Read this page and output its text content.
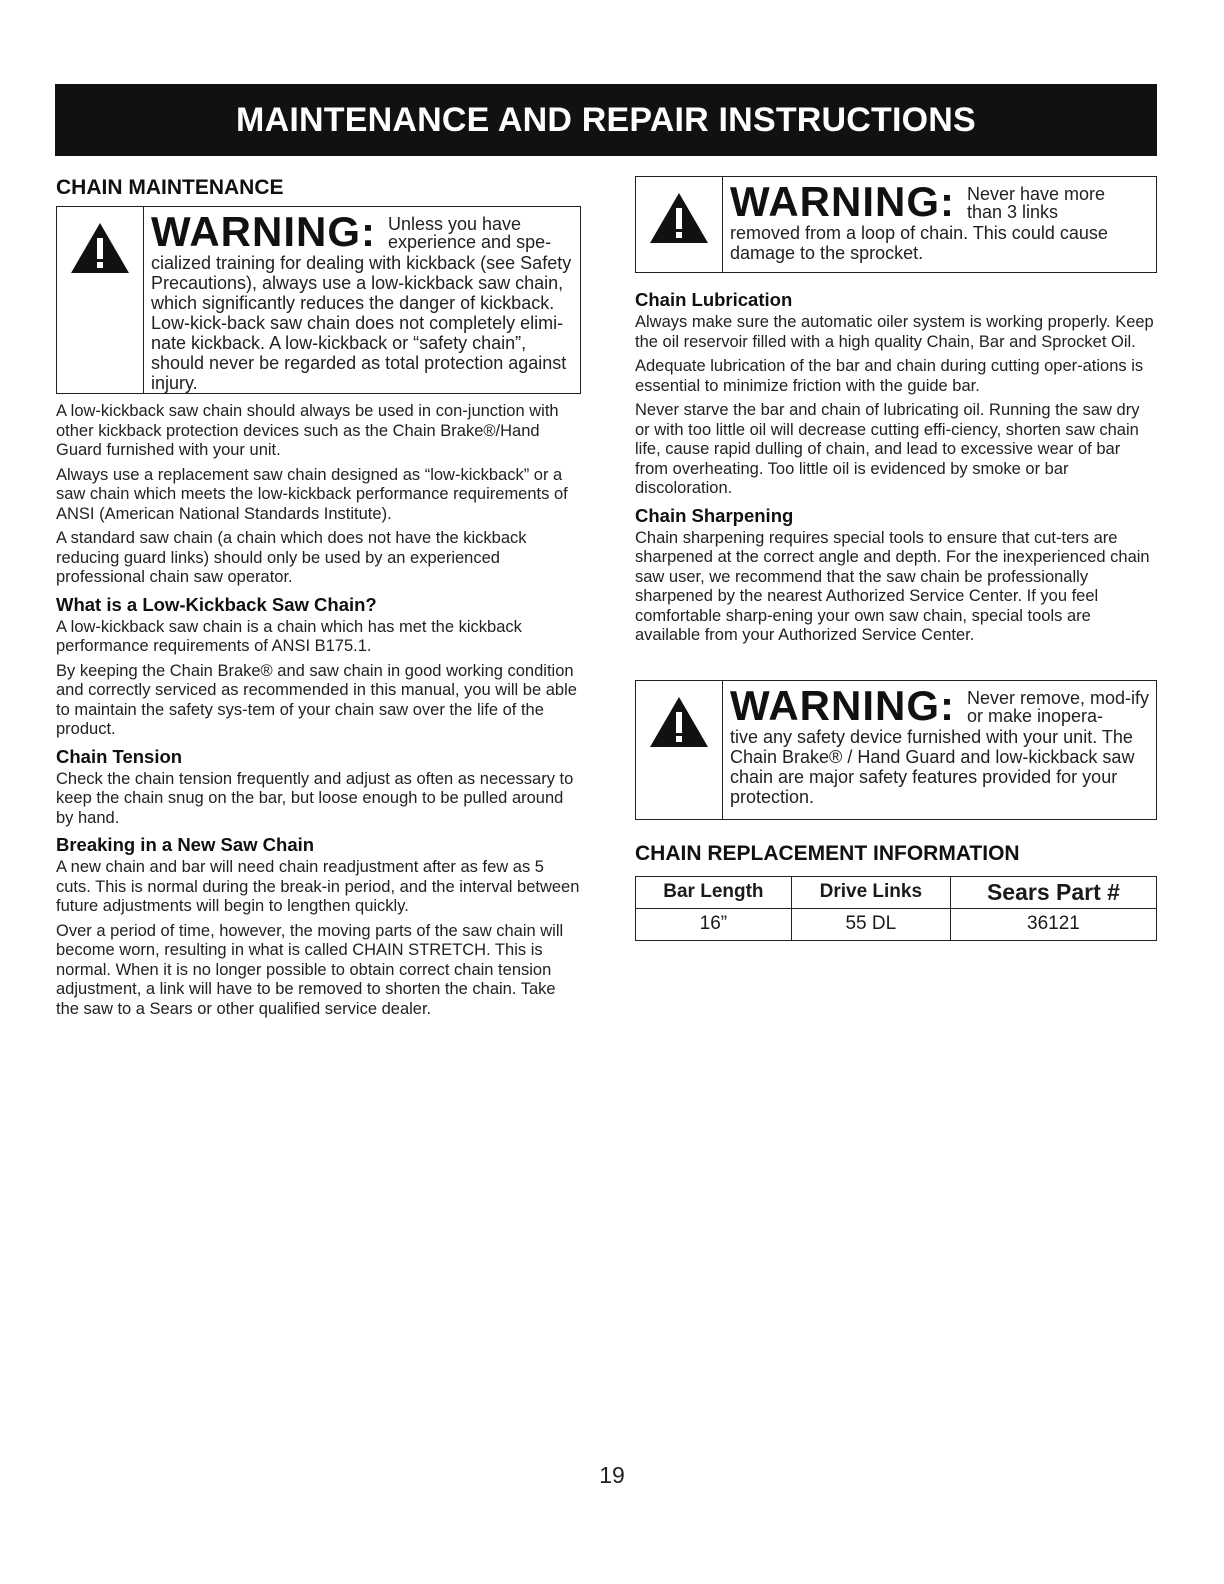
MAINTENANCE AND REPAIR INSTRUCTIONS
CHAIN MAINTENANCE
WARNING: Unless you have experience and spe-
cialized training for dealing with kickback (see Safety Precautions), always use a low-kickback saw chain, which significantly reduces the danger of kickback. Low-kick-back saw chain does not completely elimi-nate kickback. A low-kickback or “safety chain”, should never be regarded as total protection against injury.

A low-kickback saw chain should always be used in con-junction with other kickback protection devices such as the Chain Brake®/Hand Guard furnished with your unit.

Always use a replacement saw chain designed as “low-kickback” or a saw chain which meets the low-kickback performance requirements of ANSI (American National Standards Institute).

A standard saw chain (a chain which does not have the kickback reducing guard links) should only be used by an experienced professional chain saw operator.

What is a Low-Kickback Saw Chain?

A low-kickback saw chain is a chain which has met the kickback performance requirements of ANSI B175.1.

By keeping the Chain Brake® and saw chain in good working condition and correctly serviced as recommended in this manual, you will be able to maintain the safety sys-tem of your chain saw over the life of the product.

Chain Tension

Check the chain tension frequently and adjust as often as necessary to keep the chain snug on the bar, but loose enough to be pulled around by hand.

Breaking in a New Saw Chain

A new chain and bar will need chain readjustment after as few as 5 cuts. This is normal during the break-in period, and the interval between future adjustments will begin to lengthen quickly.

Over a period of time, however, the moving parts of the saw chain will become worn, resulting in what is called CHAIN STRETCH. This is normal. When it is no longer possible to obtain correct chain tension adjustment, a link will have to be removed to shorten the chain. Take the saw to a Sears or other qualified service dealer.

WARNING: Never have more than 3 links
removed from a loop of chain. This could cause damage to the sprocket.
Chain Lubrication

Always make sure the automatic oiler system is working properly. Keep the oil reservoir filled with a high quality Chain, Bar and Sprocket Oil.

Adequate lubrication of the bar and chain during cutting oper-ations is essential to minimize friction with the guide bar.

Never starve the bar and chain of lubricating oil. Running the saw dry or with too little oil will decrease cutting effi-ciency, shorten saw chain life, cause rapid dulling of chain, and lead to excessive wear of bar from overheating. Too little oil is evidenced by smoke or bar discoloration.

Chain Sharpening

Chain sharpening requires special tools to ensure that cut-ters are sharpened at the correct angle and depth. For the inexperienced chain saw user, we recommend that the saw chain be professionally sharpened by the nearest Authorized Service Center. If you feel comfortable sharp-ening your own saw chain, special tools are available from your Authorized Service Center.

WARNING: Never remove, mod-ify or make inopera-
tive any safety device furnished with your unit. The Chain Brake® / Hand Guard and low-kickback saw chain are major safety features provided for your protection.
CHAIN REPLACEMENT INFORMATION
Bar Length	Drive Links	Sears Part #
16”	55 DL	36121
19
